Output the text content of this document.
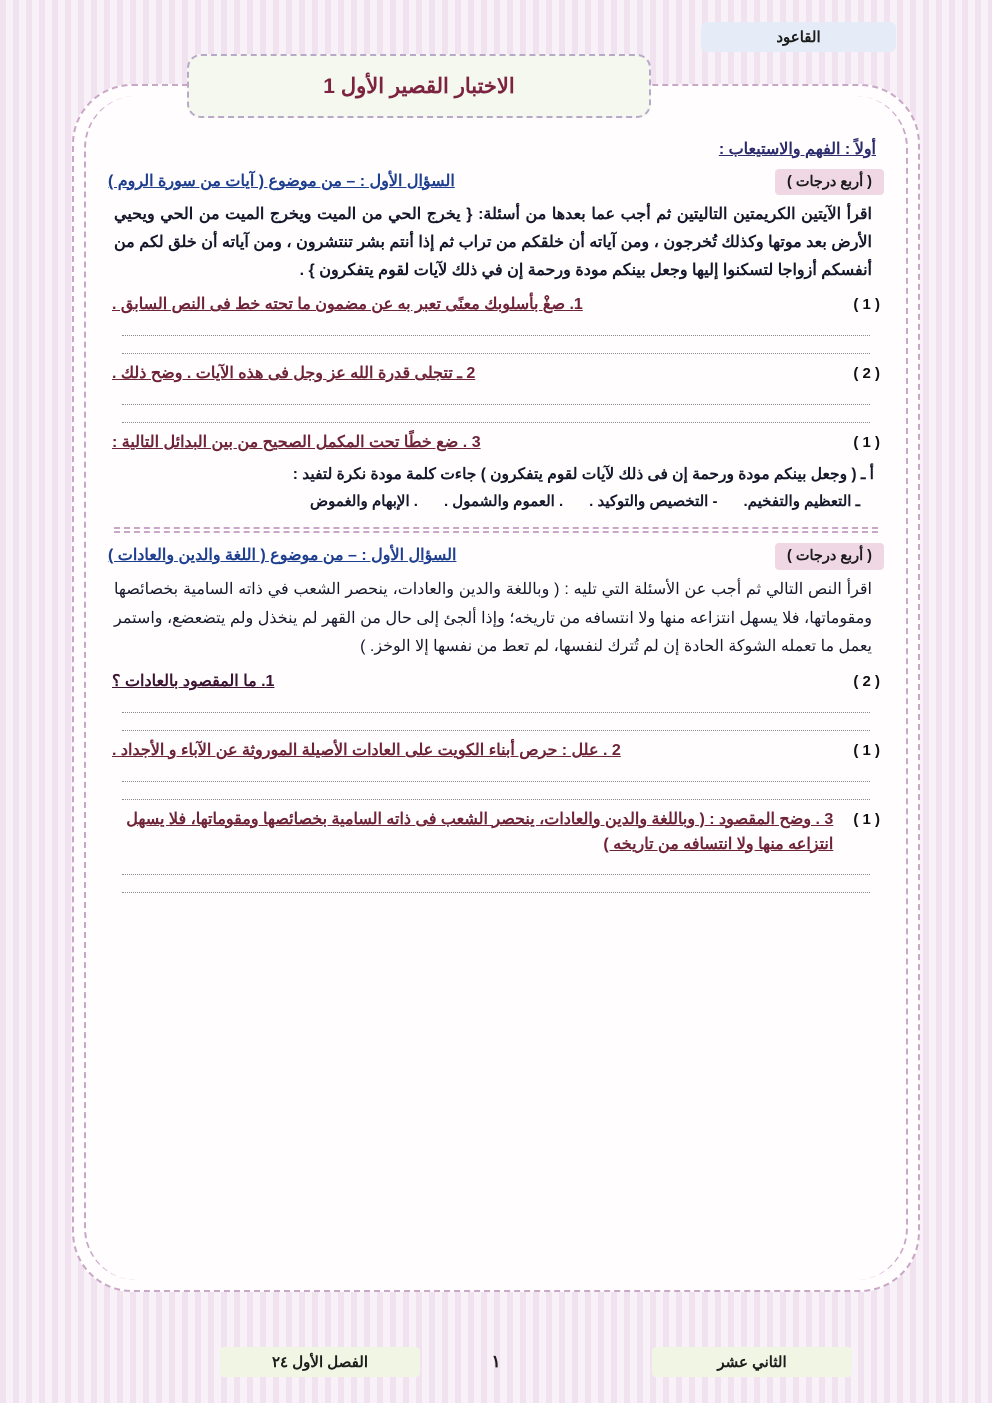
القاعود
الاختبار القصير الأول 1
أولاً : الفهم والاستيعاب :
( أربع درجات )
السؤال الأول : – من موضوع ( آيات من سورة الروم )
اقرأ الآيتين الكريمتين التاليتين ثم أجب عما بعدها من أسئلة: { يخرج الحي من الميت ويخرج الميت من الحي ويحيي الأرض بعد موتها وكذلك تُخرجون ، ومن آياته أن خلقكم من تراب ثم إذا أنتم بشر تنتشرون ، ومن آياته أن خلق لكم من أنفسكم أزواجا لتسكنوا إليها وجعل بينكم مودة ورحمة إن في ذلك لآيات لقوم يتفكرون } .
( 1 )
1. صغْ بأسلوبك معنًى تعبر به عن مضمون ما تحته خط فى النص السابق .
( 2 )
2 ـ تتجلى قدرة الله عز وجل فى هذه الآيات . وضح ذلك .
( 1 )
3 . ضع خطًا تحت المكمل الصحيح من بين البدائل التالية :
أ ـ ( وجعل بينكم مودة ورحمة إن فى ذلك لآيات لقوم يتفكرون ) جاءت كلمة مودة نكرة لتفيد :
ـ التعظيم والتفخيم.
- التخصيص والتوكيد .
. العموم والشمول .
. الإبهام والغموض
( أربع درجات )
السؤال الأول : – من موضوع ( اللغة والدين والعادات )
اقرأ النص التالي ثم أجب عن الأسئلة التي تليه : ( وباللغة والدين والعادات، ينحصر الشعب في ذاته السامية بخصائصها ومقوماتها، فلا يسهل انتزاعه منها ولا انتسافه من تاريخه؛ وإذا ألجئ إلى حال من القهر لم ينخذل ولم يتضعضع، واستمر يعمل ما تعمله الشوكة الحادة إن لم تُترك لنفسها، لم تعط من نفسها إلا الوخز. )
( 2 )
1. ما المقصود بالعادات ؟
( 1 )
2 . علل : حرص أبناء الكويت على العادات الأصيلة الموروثة عن الآباء و الأجداد .
( 1 )
3 . وضح المقصود : ( وباللغة والدين والعادات، ينحصر الشعب فى ذاته السامية بخصائصها ومقوماتها، فلا يسهل انتزاعه منها ولا انتسافه من تاريخه )
الثاني عشر
١
الفصل الأول ٢٤
